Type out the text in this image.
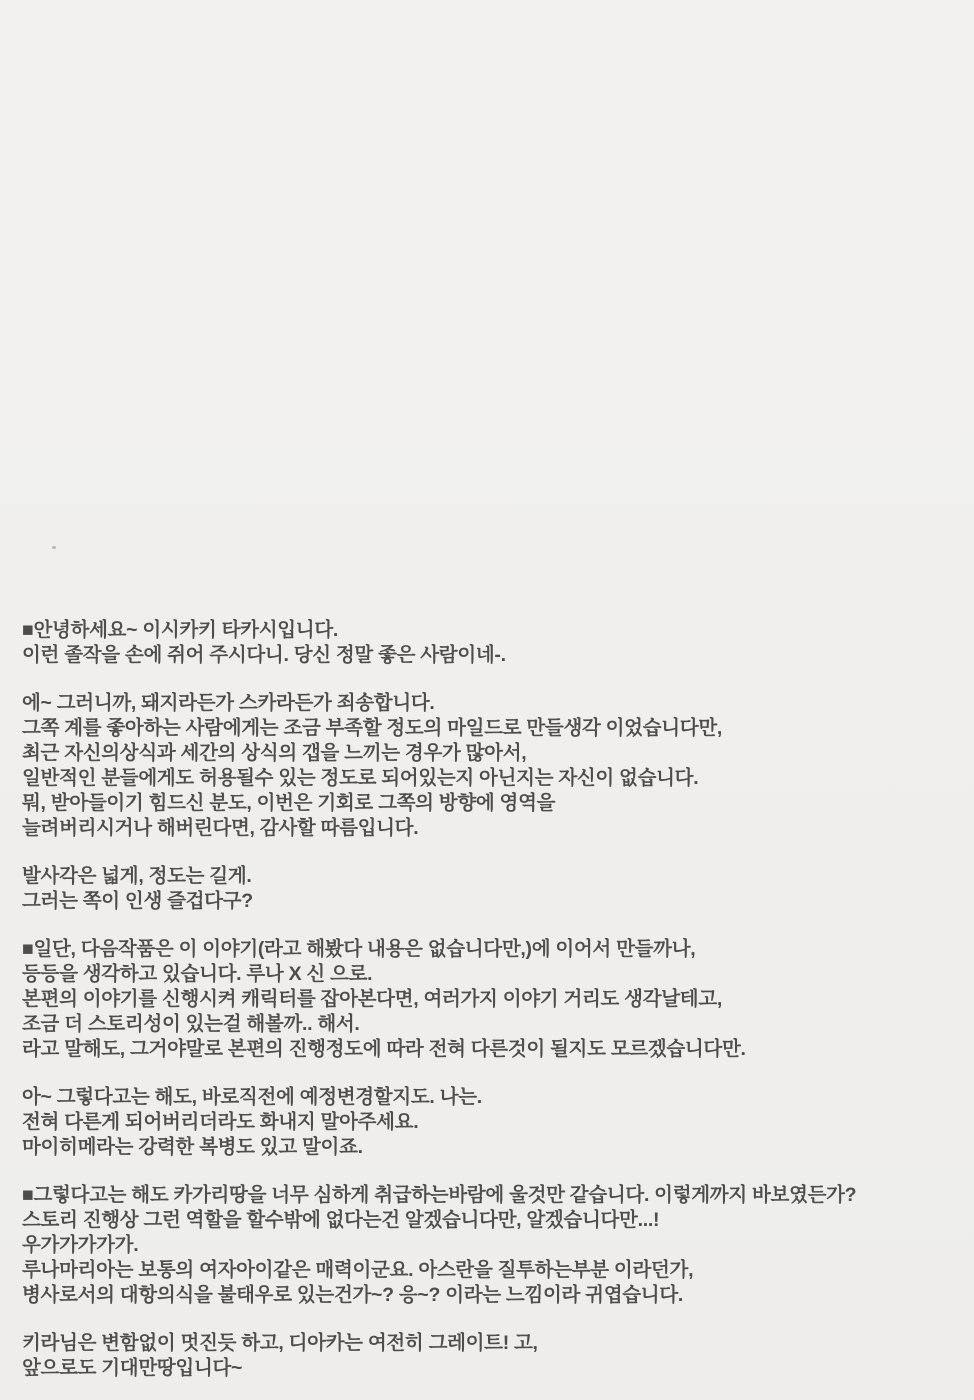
■안녕하세요~ 이시카키 타카시입니다.
이런 졸작을 손에 쥐어 주시다니. 당신 정말 좋은 사람이네-.
에~ 그러니까, 돼지라든가 스카라든가 죄송합니다.
그쪽 계를 좋아하는 사람에게는 조금 부족할 정도의 마일드로 만들생각 이었습니다만,
최근 자신의상식과 세간의 상식의 갭을 느끼는 경우가 많아서,
일반적인 분들에게도 허용될수 있는 정도로 되어있는지 아닌지는 자신이 없습니다.
뭐, 받아들이기 힘드신 분도, 이번은 기회로 그쪽의 방향에 영역을
늘려버리시거나 해버린다면, 감사할 따름입니다.
발사각은 넓게, 정도는 길게.
그러는 쪽이 인생 즐겁다구?
■일단, 다음작품은 이 이야기(라고 해봤다 내용은 없습니다만,)에 이어서 만들까나,
등등을 생각하고 있습니다. 루나 X 신 으로.
본편의 이야기를 신행시켜 캐릭터를 잡아본다면, 여러가지 이야기 거리도 생각날테고,
조금 더 스토리성이 있는걸 해볼까.. 해서.
라고 말해도, 그거야말로 본편의 진행정도에 따라 전혀 다른것이 될지도 모르겠습니다만.
아~ 그렇다고는 해도, 바로직전에 예정변경할지도. 나는.
전혀 다른게 되어버리더라도 화내지 말아주세요.
마이히메라는 강력한 복병도 있고 말이죠.
■그렇다고는 해도 카가리땅을 너무 심하게 취급하는바람에 울것만 같습니다. 이렇게까지 바보였든가?
스토리 진행상 그런 역할을 할수밖에 없다는건 알겠습니다만, 알겠습니다만...!
우가가가가가.
루나마리아는 보통의 여자아이같은 매력이군요. 아스란을 질투하는부분 이라던가,
병사로서의 대항의식을 불태우로 있는건가~? 응~? 이라는 느낌이라 귀엽습니다.
키라님은 변함없이 멋진듯 하고, 디아카는 여전히 그레이트! 고,
앞으로도 기대만땅입니다~
